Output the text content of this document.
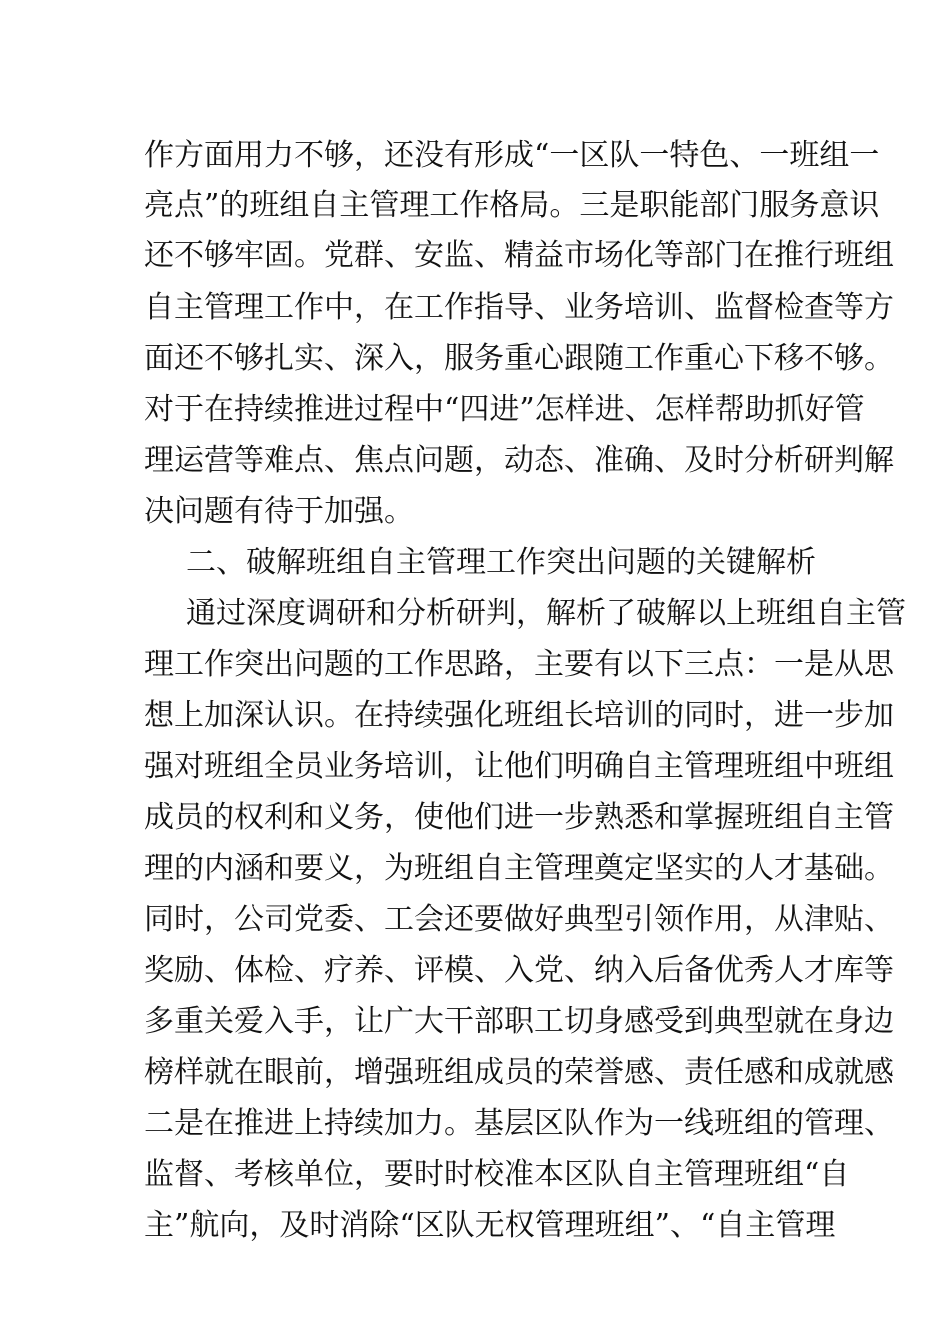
作方面用力不够，还没有形成“一区队一特色、一班组一
亮点”的班组自主管理工作格局。三是职能部门服务意识
还不够牢固。党群、安监、精益市场化等部门在推行班组
自主管理工作中，在工作指导、业务培训、监督检查等方
面还不够扎实、深入，服务重心跟随工作重心下移不够。
对于在持续推进过程中“四进”怎样进、怎样帮助抓好管
理运营等难点、焦点问题，动态、准确、及时分析研判解
决问题有待于加强。
二、破解班组自主管理工作突出问题的关键解析
通过深度调研和分析研判，解析了破解以上班组自主管
理工作突出问题的工作思路，主要有以下三点：一是从思
想上加深认识。在持续强化班组长培训的同时，进一步加
强对班组全员业务培训，让他们明确自主管理班组中班组
成员的权利和义务，使他们进一步熟悉和掌握班组自主管
理的内涵和要义，为班组自主管理奠定坚实的人才基础。
同时，公司党委、工会还要做好典型引领作用，从津贴、
奖励、体检、疗养、评模、入党、纳入后备优秀人才库等
多重关爱入手，让广大干部职工切身感受到典型就在身边
榜样就在眼前，增强班组成员的荣誉感、责任感和成就感
二是在推进上持续加力。基层区队作为一线班组的管理、
监督、考核单位，要时时校准本区队自主管理班组“自
主”航向，及时消除“区队无权管理班组”、“自主管理
